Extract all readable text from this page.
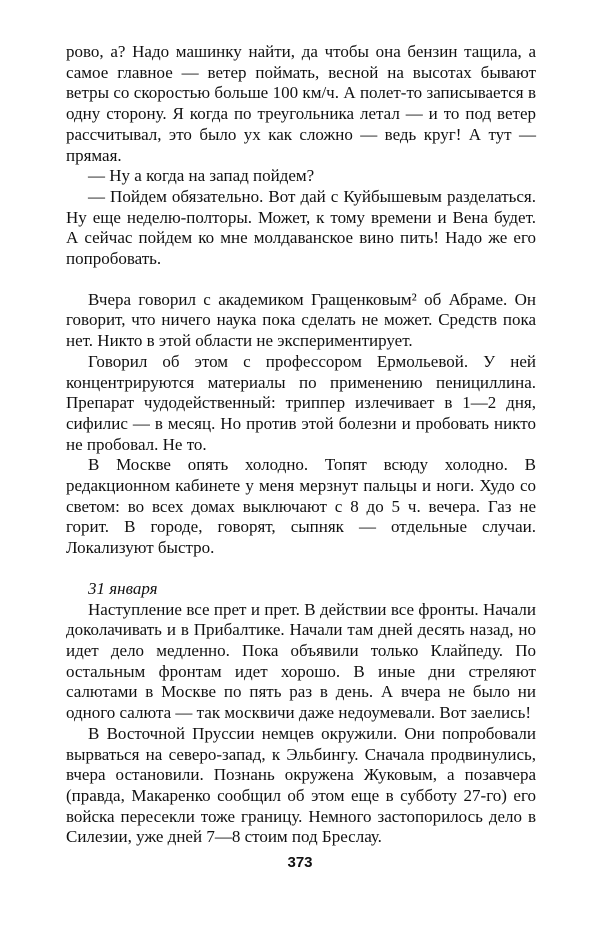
рово, а? Надо машинку найти, да чтобы она бензин тащила, а самое главное — ветер поймать, весной на высотах бывают ветры со скоростью больше 100 км/ч. А полет-то записывается в одну сторону. Я когда по треугольника летал — и то под ветер рассчитывал, это было ух как сложно — ведь круг! А тут — прямая.

— Ну а когда на запад пойдем?

— Пойдем обязательно. Вот дай с Куйбышевым разделаться. Ну еще неделю-полторы. Может, к тому времени и Вена будет. А сейчас пойдем ко мне молдаванское вино пить! Надо же его попробовать.

Вчера говорил с академиком Гращенковым² об Абраме. Он говорит, что ничего наука пока сделать не может. Средств пока нет. Никто в этой области не экспериментирует.

Говорил об этом с профессором Ермольевой. У ней концентрируются материалы по применению пенициллина. Препарат чудодейственный: триппер излечивает в 1—2 дня, сифилис — в месяц. Но против этой болезни и пробовать никто не пробовал. Не то.

В Москве опять холодно. Топят всюду холодно. В редакционном кабинете у меня мерзнут пальцы и ноги. Худо со светом: во всех домах выключают с 8 до 5 ч. вечера. Газ не горит. В городе, говорят, сыпняк — отдельные случаи. Локализуют быстро.

31 января

Наступление все прет и прет. В действии все фронты. Начали доколачивать и в Прибалтике. Начали там дней десять назад, но идет дело медленно. Пока объявили только Клайпеду. По остальным фронтам идет хорошо. В иные дни стреляют салютами в Москве по пять раз в день. А вчера не было ни одного салюта — так москвичи даже недоумевали. Вот заелись!

В Восточной Пруссии немцев окружили. Они попробовали вырваться на северо-запад, к Эльбингу. Сначала продвинулись, вчера остановили. Познань окружена Жуковым, а позавчера (правда, Макаренко сообщил об этом еще в субботу 27-го) его войска пересекли тоже границу. Немного застопорилось дело в Силезии, уже дней 7—8 стоим под Бреслау.

373
